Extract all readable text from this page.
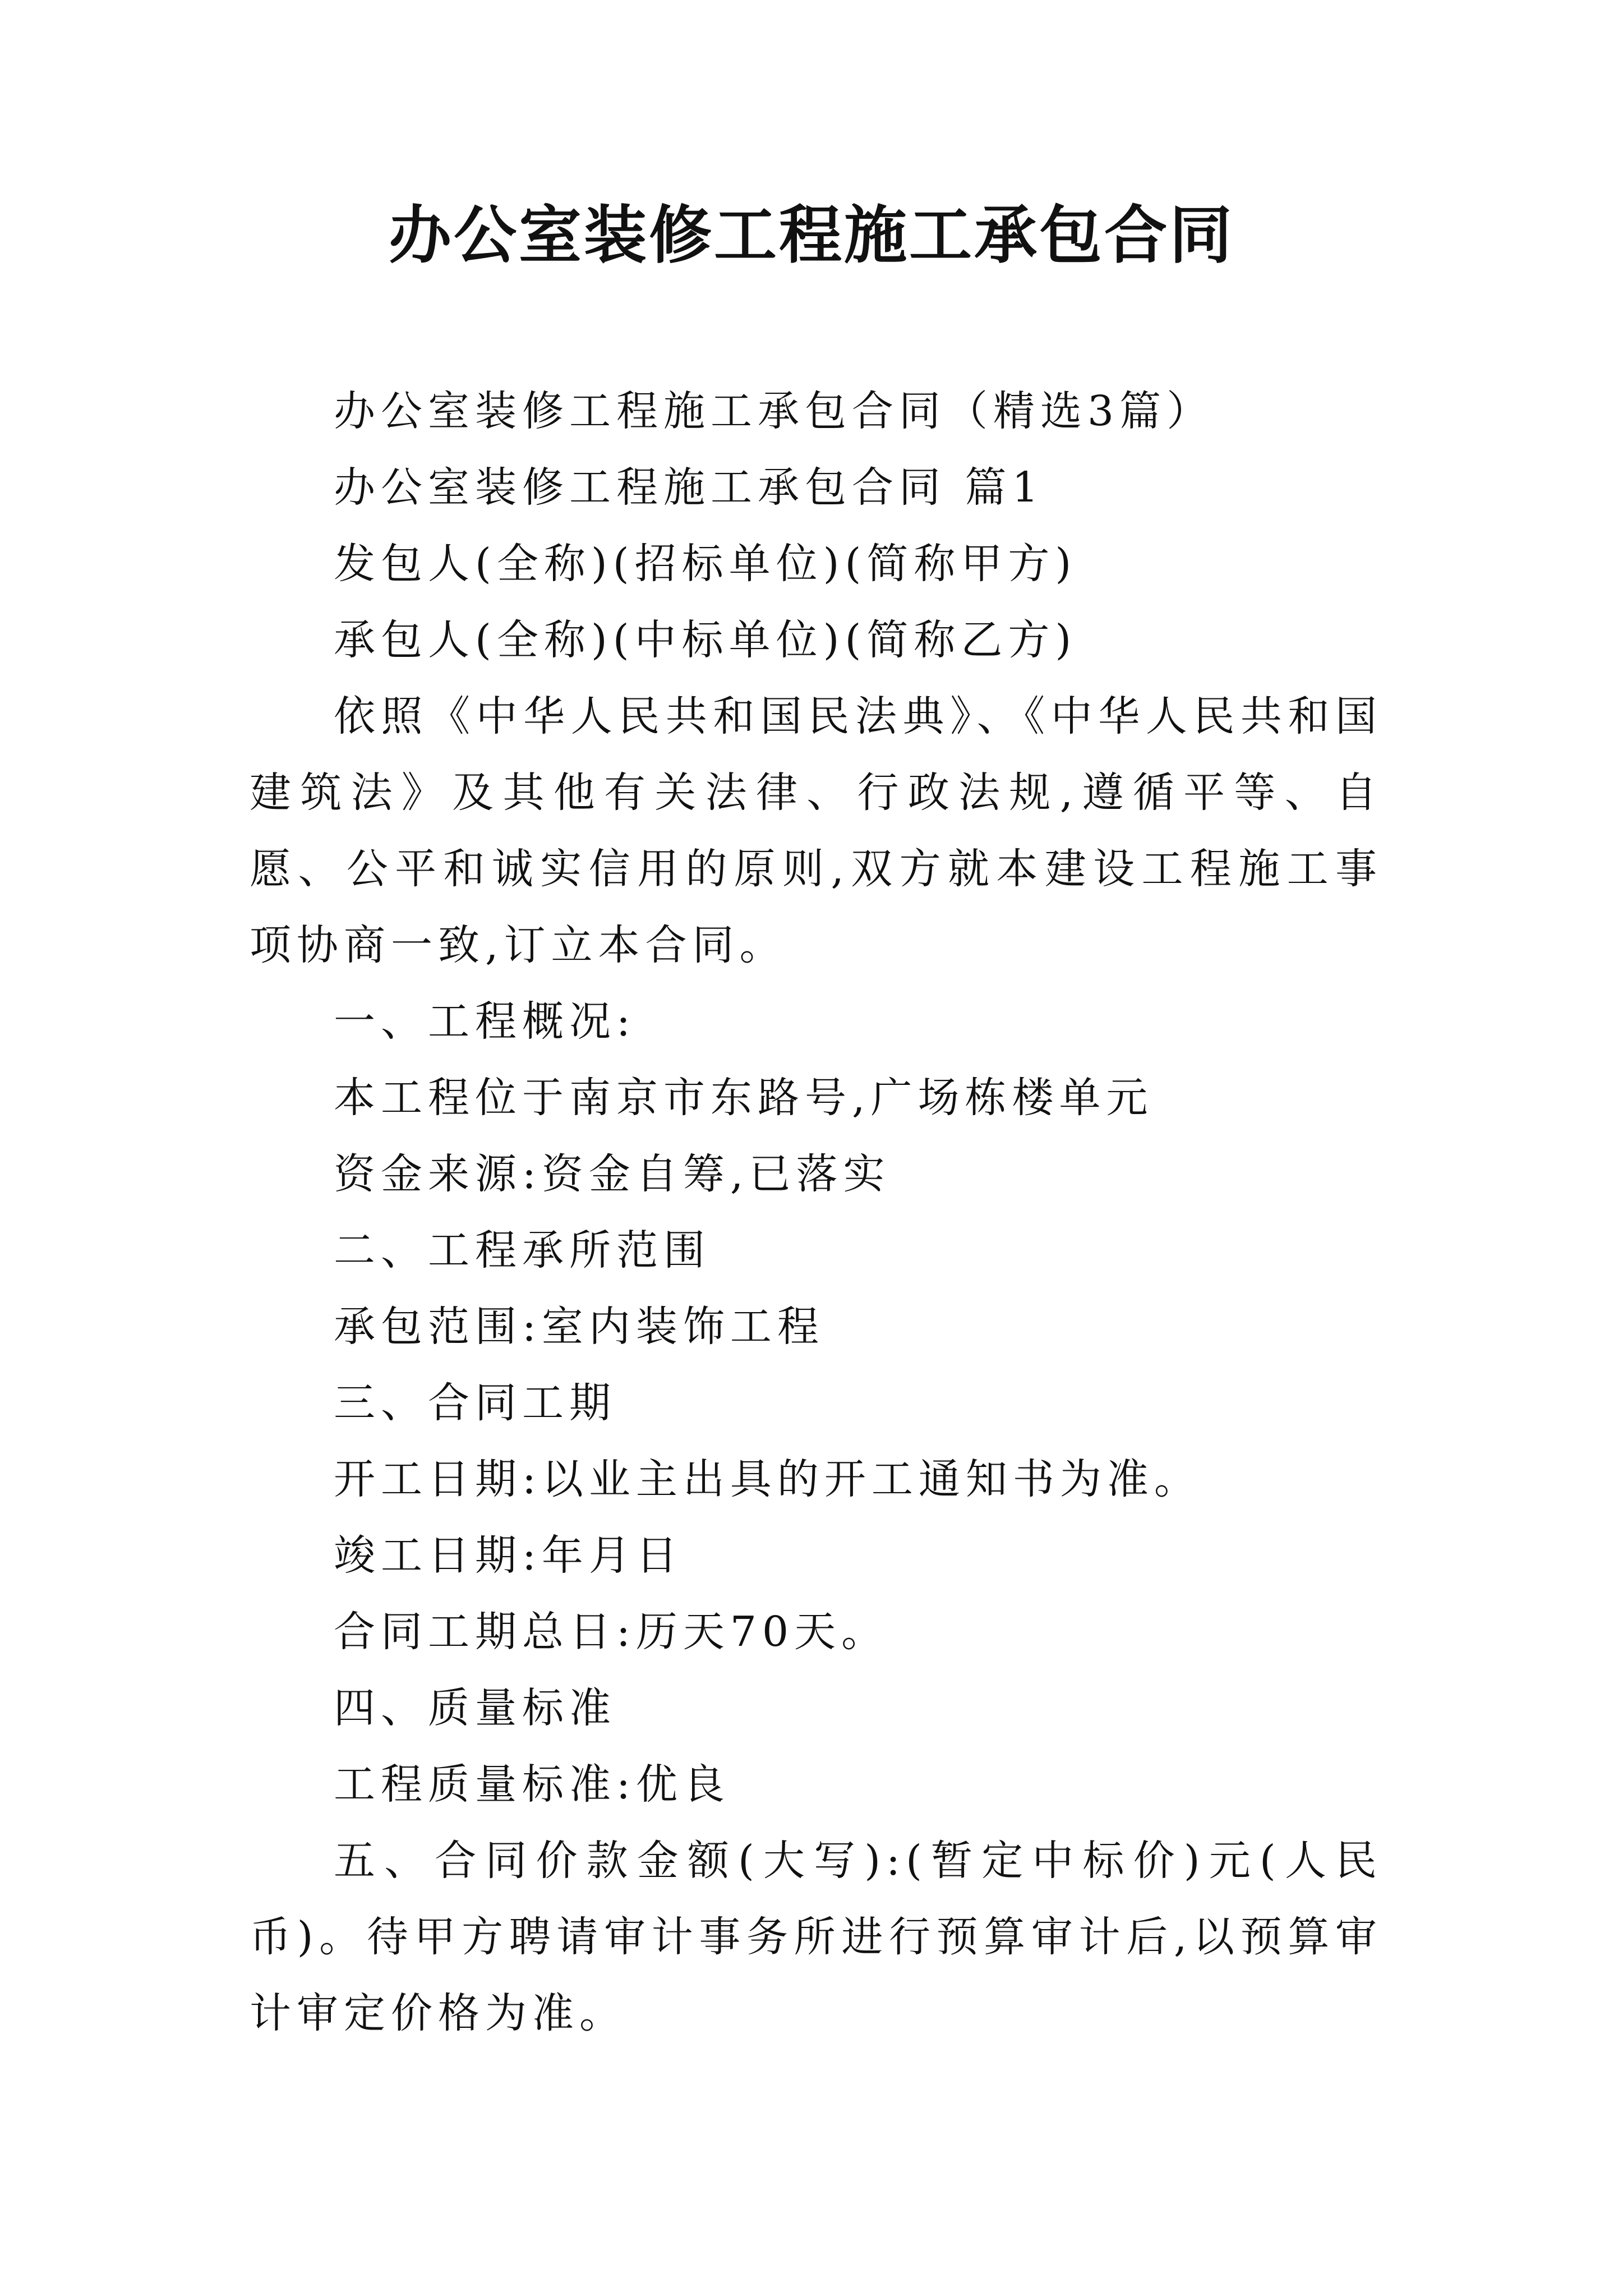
办公室装修工程施工承包合同

办公室装修工程施工承包合同（精选3篇）

办公室装修工程施工承包合同 篇1

发包人(全称)(招标单位)(简称甲方)

承包人(全称)(中标单位)(简称乙方)

依照《中华人民共和国民法典》、《中华人民共和国建筑法》及其他有关法律、行政法规,遵循平等、自愿、公平和诚实信用的原则,双方就本建设工程施工事项协商一致,订立本合同。

一、工程概况:

本工程位于南京市东路号,广场栋楼单元

资金来源:资金自筹,已落实

二、工程承所范围

承包范围:室内装饰工程

三、合同工期

开工日期:以业主出具的开工通知书为准。

竣工日期:年月日

合同工期总日:历天70天。

四、质量标准

工程质量标准:优良

五、合同价款金额(大写):(暂定中标价)元(人民币)。待甲方聘请审计事务所进行预算审计后,以预算审计审定价格为准。
